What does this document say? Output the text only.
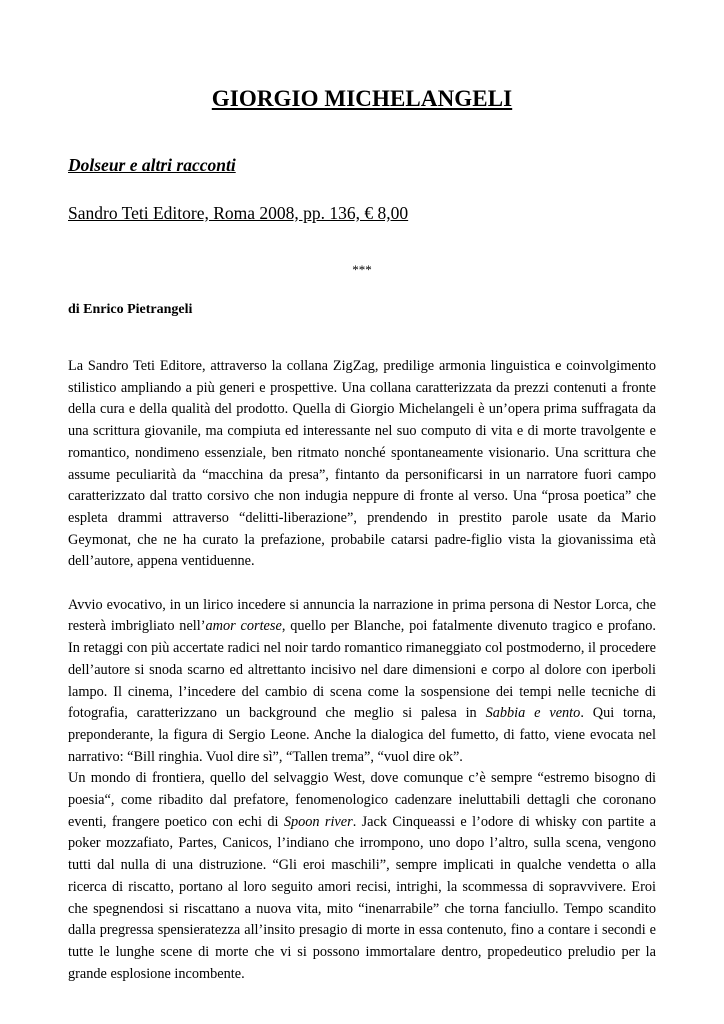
GIORGIO MICHELANGELI

Dolseur e altri racconti

Sandro Teti Editore, Roma 2008, pp. 136, € 8,00

***

di Enrico Pietrangeli

La Sandro Teti Editore, attraverso la collana ZigZag, predilige armonia linguistica e coinvolgimento stilistico ampliando a più generi e prospettive. Una collana caratterizzata da prezzi contenuti a fronte della cura e della qualità del prodotto. Quella di Giorgio Michelangeli è un’opera prima suffragata da una scrittura giovanile, ma compiuta ed interessante nel suo computo di vita e di morte travolgente e romantico, nondimeno essenziale, ben ritmato nonché spontaneamente visionario. Una scrittura che assume peculiarità da “macchina da presa”, fintanto da personificarsi in un narratore fuori campo caratterizzato dal tratto corsivo che non indugia neppure di fronte al verso. Una “prosa poetica” che espleta drammi attraverso “delitti-liberazione”, prendendo in prestito parole usate da Mario Geymonat, che ne ha curato la prefazione, probabile catarsi padre-figlio vista la giovanissima età dell’autore, appena ventiduenne.

Avvio evocativo, in un lirico incedere si annuncia la narrazione in prima persona di Nestor Lorca, che resterà imbrigliato nell’amor cortese, quello per Blanche, poi fatalmente divenuto tragico e profano. In retaggi con più accertate radici nel noir tardo romantico rimaneggiato col postmoderno, il procedere dell’autore si snoda scarno ed altrettanto incisivo nel dare dimensioni e corpo al dolore con iperboli lampo. Il cinema, l’incedere del cambio di scena come la sospensione dei tempi nelle tecniche di fotografia, caratterizzano un background che meglio si palesa in Sabbia e vento. Qui torna, preponderante, la figura di Sergio Leone. Anche la dialogica del fumetto, di fatto, viene evocata nel narrativo: “Bill ringhia. Vuol dire sì”, “Tallen trema”, “vuol dire ok”.

Un mondo di frontiera, quello del selvaggio West, dove comunque c’è sempre “estremo bisogno di poesia“, come ribadito dal prefatore, fenomenologico cadenzare ineluttabili dettagli che coronano eventi, frangere poetico con echi di Spoon river. Jack Cinqueassi e l’odore di whisky con partite a poker mozzafiato, Partes, Canicos, l’indiano che irrompono, uno dopo l’altro, sulla scena, vengono tutti dal nulla di una distruzione. “Gli eroi maschili”, sempre implicati in qualche vendetta o alla ricerca di riscatto, portano al loro seguito amori recisi, intrighi, la scommessa di sopravvivere. Eroi che spegnendosi si riscattano a nuova vita, mito “inenarrabile” che torna fanciullo. Tempo scandito dalla pregressa spensieratezza all’insito presagio di morte in essa contenuto, fino a contare i secondi e tutte le lunghe scene di morte che vi si possono immortalare dentro, propedeutico preludio per la grande esplosione incombente.
